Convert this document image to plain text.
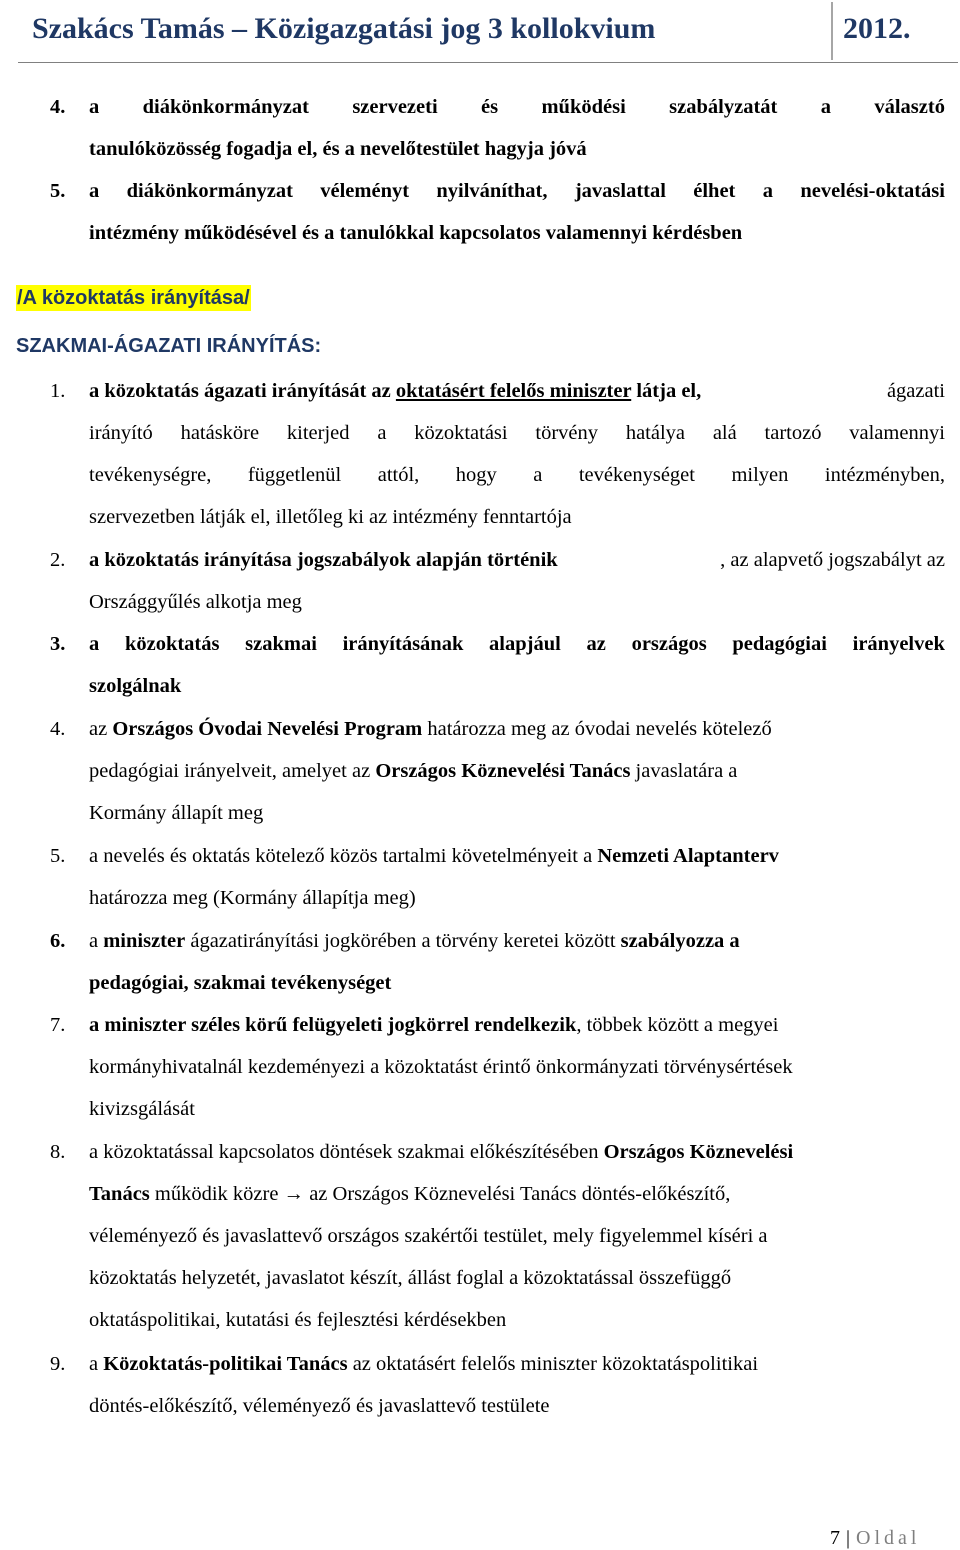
Szakács Tamás – Közigazgatási jog 3 kollokvium	2012.
4.	a diákönkormányzat szervezeti és működési szabályzatát a választó
tanulóközösség fogadja el, és a nevelőtestület hagyja jóvá
5.	a diákönkormányzat véleményt nyilváníthat, javaslattal élhet a nevelési-oktatási
intézmény működésével és a tanulókkal kapcsolatos valamennyi kérdésben
/A közoktatás irányítása/
SZAKMAI-ÁGAZATI IRÁNYÍTÁS:
1.	a közoktatás ágazati irányítását az oktatásért felelős miniszter látja el,	ágazati
irányító hatásköre kiterjed a közoktatási törvény hatálya alá tartozó valamennyi
tevékenységre, függetlenül attól, hogy a tevékenységet milyen intézményben,
szervezetben látják el, illetőleg ki az intézmény fenntartója
2.	a közoktatás irányítása jogszabályok alapján történik	, az alapvető jogszabályt az
Országgyűlés alkotja meg
3.	a közoktatás szakmai irányításának alapjául az országos pedagógiai irányelvek
szolgálnak
4.	az Országos Óvodai Nevelési Program határozza meg az óvodai nevelés kötelező
pedagógiai irányelveit, amelyet az Országos Köznevelési Tanács javaslatára a
Kormány állapít meg
5.	a nevelés és oktatás kötelező közös tartalmi követelményeit a Nemzeti Alaptanterv
határozza meg (Kormány állapítja meg)
6.	a miniszter ágazatirányítási jogkörében a törvény keretei között szabályozza a
pedagógiai, szakmai tevékenységet
7.	a miniszter széles körű felügyeleti jogkörrel rendelkezik, többek között a megyei
kormányhivatalnál kezdeményezi a közoktatást érintő önkormányzati törvénysértések
kivizsgálását
8.	a közoktatással kapcsolatos döntések szakmai előkészítésében Országos Köznevelési
Tanács működik közre → az Országos Köznevelési Tanács döntés-előkészítő,
véleményező és javaslattevő országos szakértői testület, mely figyelemmel kíséri a
közoktatás helyzetét, javaslatot készít, állást foglal a közoktatással összefüggő
oktatáspolitikai, kutatási és fejlesztési kérdésekben
9.	a Közoktatás-politikai Tanács az oktatásért felelős miniszter közoktatáspolitikai
döntés-előkészítő, véleményező és javaslattevő testülete
7 | Oldal
